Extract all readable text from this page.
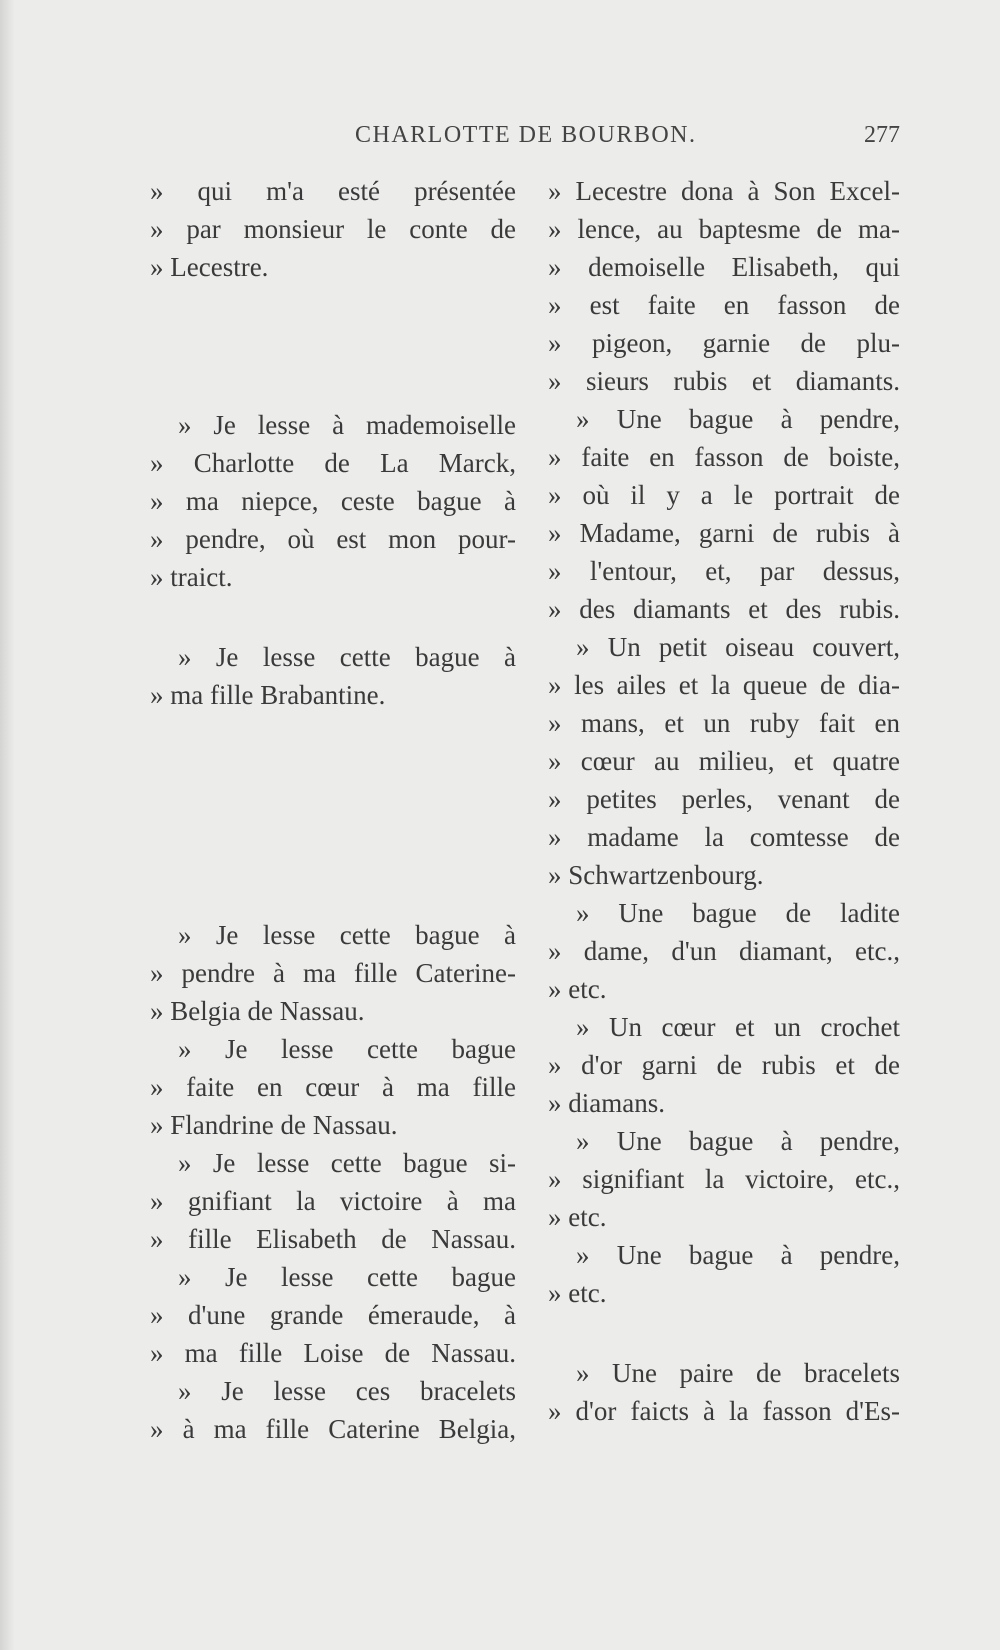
CHARLOTTE DE BOURBON.	277
» qui m'a esté présentée
» par monsieur le conte de
» Lecestre.
» Je lesse à mademoiselle
» Charlotte de La Marck,
» ma niepce, ceste bague à
» pendre, où est mon pour-
» traict.
» Je lesse cette bague à
» ma fille Brabantine.
» Je lesse cette bague à
» pendre à ma fille Caterine-
» Belgia de Nassau.
» Je lesse cette bague
» faite en cœur à ma fille
» Flandrine de Nassau.
» Je lesse cette bague si-
» gnifiant la victoire à ma
» fille Elisabeth de Nassau.
» Je lesse cette bague
» d'une grande émeraude, à
» ma fille Loise de Nassau.
» Je lesse ces bracelets
» à ma fille Caterine Belgia,
» Lecestre dona à Son Excel-
» lence, au baptesme de ma-
» demoiselle Elisabeth, qui
» est faite en fasson de
» pigeon, garnie de plu-
» sieurs rubis et diamants.
» Une bague à pendre,
» faite en fasson de boiste,
» où il y a le portrait de
» Madame, garni de rubis à
» l'entour, et, par dessus,
» des diamants et des rubis.
» Un petit oiseau couvert,
» les ailes et la queue de dia-
» mans, et un ruby fait en
» cœur au milieu, et quatre
» petites perles, venant de
» madame la comtesse de
» Schwartzenbourg.
» Une bague de ladite
» dame, d'un diamant, etc.,
» etc.
» Un cœur et un crochet
» d'or garni de rubis et de
» diamans.
» Une bague à pendre,
» signifiant la victoire, etc.,
» etc.
» Une bague à pendre,
» etc.
» Une paire de bracelets
» d'or faicts à la fasson d'Es-
